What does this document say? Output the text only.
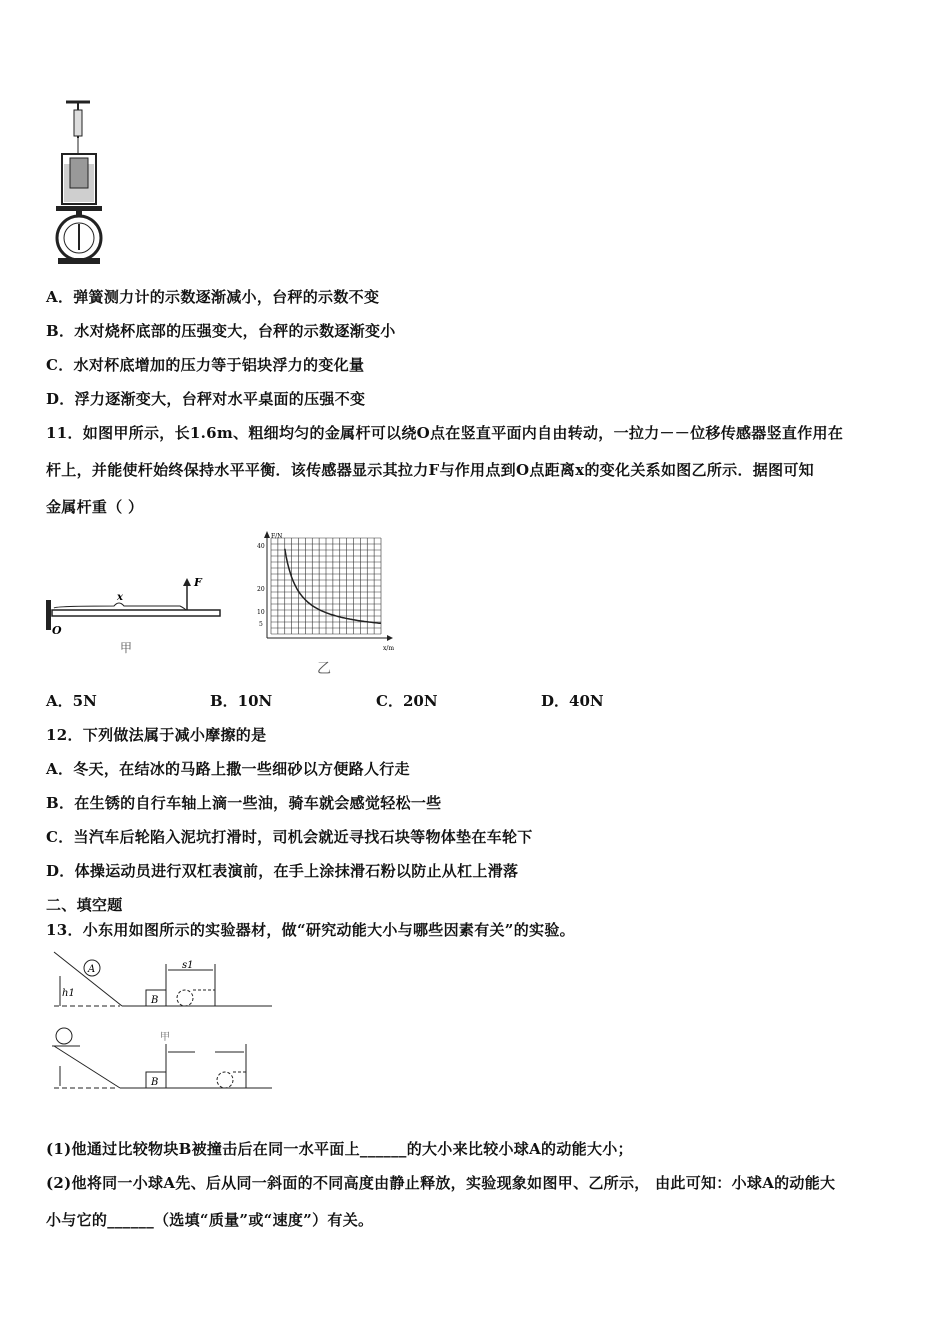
A．弹簧测力计的示数逐渐减小，台秤的示数不变
B．水对烧杯底部的压强变大，台秤的示数逐渐变小
C．水对杯底增加的压力等于铝块浮力的变化量
D．浮力逐渐变大，台秤对水平桌面的压强不变
11．如图甲所示，长1.6m、粗细均匀的金属杆可以绕O点在竖直平面内自由转动，一拉力－－位移传感器竖直作用在
杆上，并能使杆始终保持水平平衡．该传感器显示其拉力F与作用点到O点距离x的变化关系如图乙所示．据图可知
金属杆重（ ）
O
x
F
甲
F/N
x/m
40
20
10
5
乙
A．5N	B．10N	C．20N	D．40N
12．下列做法属于减小摩擦的是
A．冬天，在结冰的马路上撒一些细砂以方便路人行走
B．在生锈的自行车轴上滴一些油，骑车就会感觉轻松一些
C．当汽车后轮陷入泥坑打滑时，司机会就近寻找石块等物体垫在车轮下
D．体操运动员进行双杠表演前，在手上涂抹滑石粉以防止从杠上滑落
二、填空题
13．小东用如图所示的实验器材，做“研究动能大小与哪些因素有关”的实验。
A
B
B
h1
s1
甲
(1)他通过比较物块B被撞击后在同一水平面上______的大小来比较小球A的动能大小；
(2)他将同一小球A先、后从同一斜面的不同高度由静止释放，实验现象如图甲、乙所示， 由此可知：小球A的动能大
小与它的______（选填“质量”或“速度”）有关。
